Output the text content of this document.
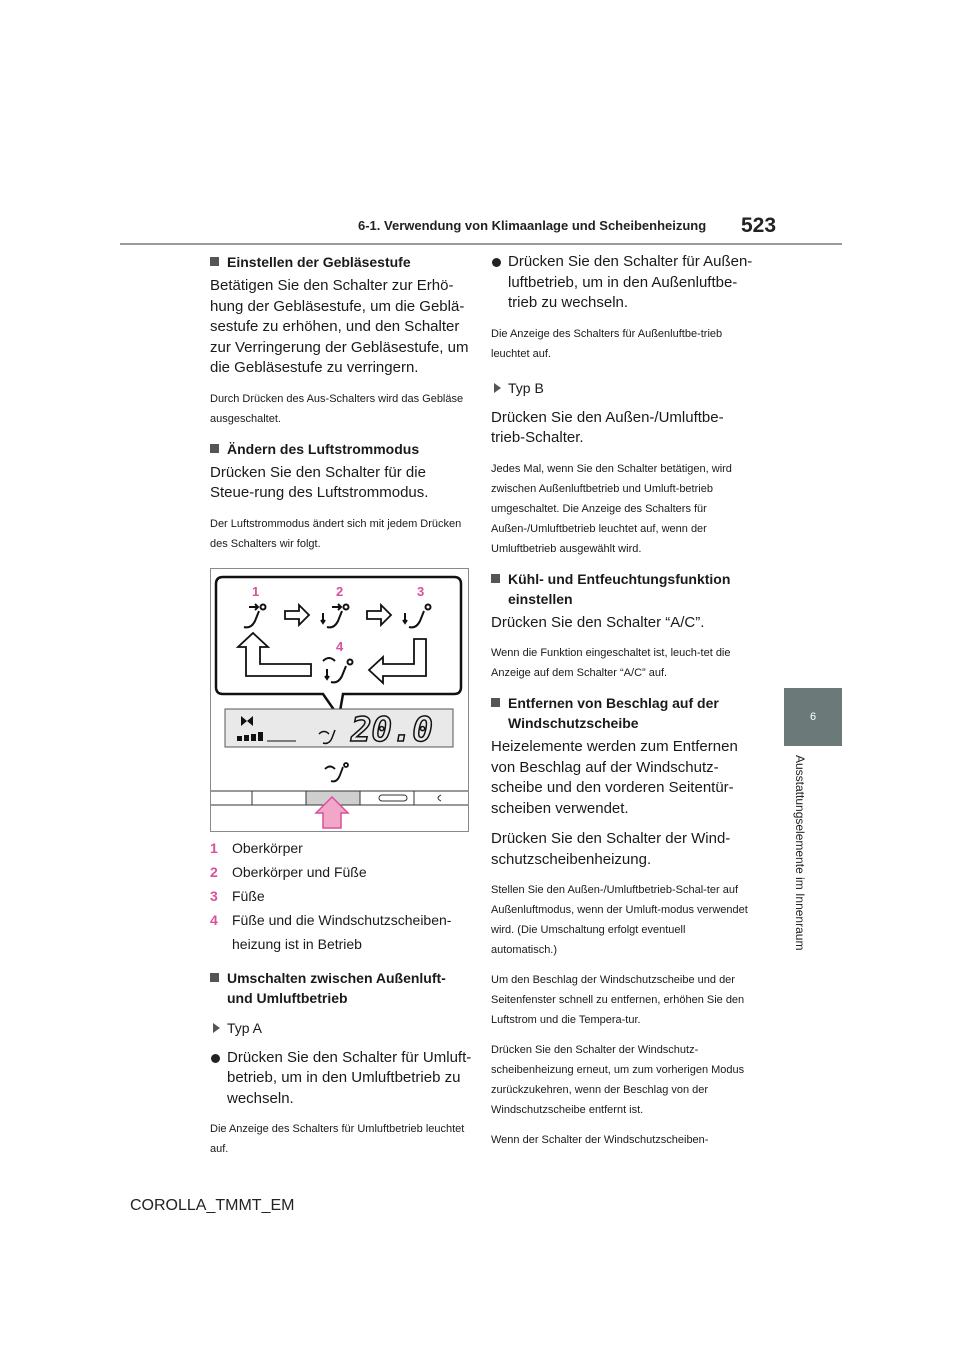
6-1. Verwendung von Klimaanlage und Scheibenheizung 523
6
Ausstattungselemente im Innenraum
Einstellen der Gebläsestufe
Betätigen Sie den Schalter zur Erhö-hung der Gebläsestufe, um die Geblä-sestufe zu erhöhen, und den Schalter zur Verringerung der Gebläsestufe, um die Gebläsestufe zu verringern.
Durch Drücken des Aus-Schalters wird das Gebläse ausgeschaltet.
Ändern des Luftstrommodus
Drücken Sie den Schalter für die Steue-rung des Luftstrommodus.
Der Luftstrommodus ändert sich mit jedem Drücken des Schalters wir folgt.
1	2	3
4
20.0
1 Oberkörper
2 Oberkörper und Füße
3 Füße
4 Füße und die Windschutzscheiben-heizung ist in Betrieb
Umschalten zwischen Außenluft- und Umluftbetrieb
Typ A
Drücken Sie den Schalter für Umluft-betrieb, um in den Umluftbetrieb zu wechseln.
Die Anzeige des Schalters für Umluftbetrieb leuchtet auf.
Drücken Sie den Schalter für Außen-luftbetrieb, um in den Außenluftbe-trieb zu wechseln.
Die Anzeige des Schalters für Außenluftbe-trieb leuchtet auf.
Typ B
Drücken Sie den Außen-/Umluftbe-trieb-Schalter.
Jedes Mal, wenn Sie den Schalter betätigen, wird zwischen Außenluftbetrieb und Umluft-betrieb umgeschaltet. Die Anzeige des Schalters für Außen-/Umluftbetrieb leuchtet auf, wenn der Umluftbetrieb ausgewählt wird.
Kühl- und Entfeuchtungsfunktion einstellen
Drücken Sie den Schalter “A/C”.
Wenn die Funktion eingeschaltet ist, leuch-tet die Anzeige auf dem Schalter “A/C” auf.
Entfernen von Beschlag auf der Windschutzscheibe
Heizelemente werden zum Entfernen von Beschlag auf der Windschutz-scheibe und den vorderen Seitentür-scheiben verwendet.
Drücken Sie den Schalter der Wind-schutzscheibenheizung.
Stellen Sie den Außen-/Umluftbetrieb-Schal-ter auf Außenluftmodus, wenn der Umluft-modus verwendet wird. (Die Umschaltung erfolgt eventuell automatisch.)
Um den Beschlag der Windschutzscheibe und der Seitenfenster schnell zu entfernen, erhöhen Sie den Luftstrom und die Tempera-tur.
Drücken Sie den Schalter der Windschutz-scheibenheizung erneut, um zum vorherigen Modus zurückzukehren, wenn der Beschlag von der Windschutzscheibe entfernt ist.
Wenn der Schalter der Windschutzscheiben-
COROLLA_TMMT_EM
